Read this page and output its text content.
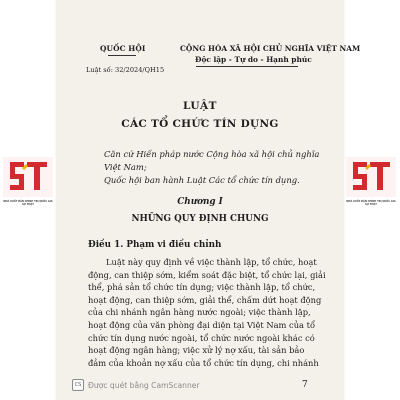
NHÀ XUẤT BẢN CHÍNH TRỊ QUỐC GIA SỰ THẬT
NHÀ XUẤT BẢN CHÍNH TRỊ QUỐC GIA SỰ THẬT
QUỐC HỘI	CỘNG HÒA XÃ HỘI CHỦ NGHĨA VIỆT NAM
Độc lập - Tự do - Hạnh phúc
Luật số: 32/2024/QH15
LUẬT
CÁC TỔ CHỨC TÍN DỤNG
Căn cứ Hiến pháp nước Cộng hòa xã hội chủ nghĩa
Việt Nam;
Quốc hội ban hành Luật Các tổ chức tín dụng.
Chương I
NHỮNG QUY ĐỊNH CHUNG
Điều 1. Phạm vi điều chỉnh
Luật này quy định về việc thành lập, tổ chức, hoạt
động, can thiệp sớm, kiểm soát đặc biệt, tổ chức lại, giải
thể, phá sản tổ chức tín dụng; việc thành lập, tổ chức,
hoạt động, can thiệp sớm, giải thể, chấm dứt hoạt động
của chi nhánh ngân hàng nước ngoài; việc thành lập,
hoạt động của văn phòng đại diện tại Việt Nam của tổ
chức tín dụng nước ngoài, tổ chức nước ngoài khác có
hoạt động ngân hàng; việc xử lý nợ xấu, tài sản bảo
đảm của khoản nợ xấu của tổ chức tín dụng, chi nhánh
7
CS Được quét bằng CamScanner
